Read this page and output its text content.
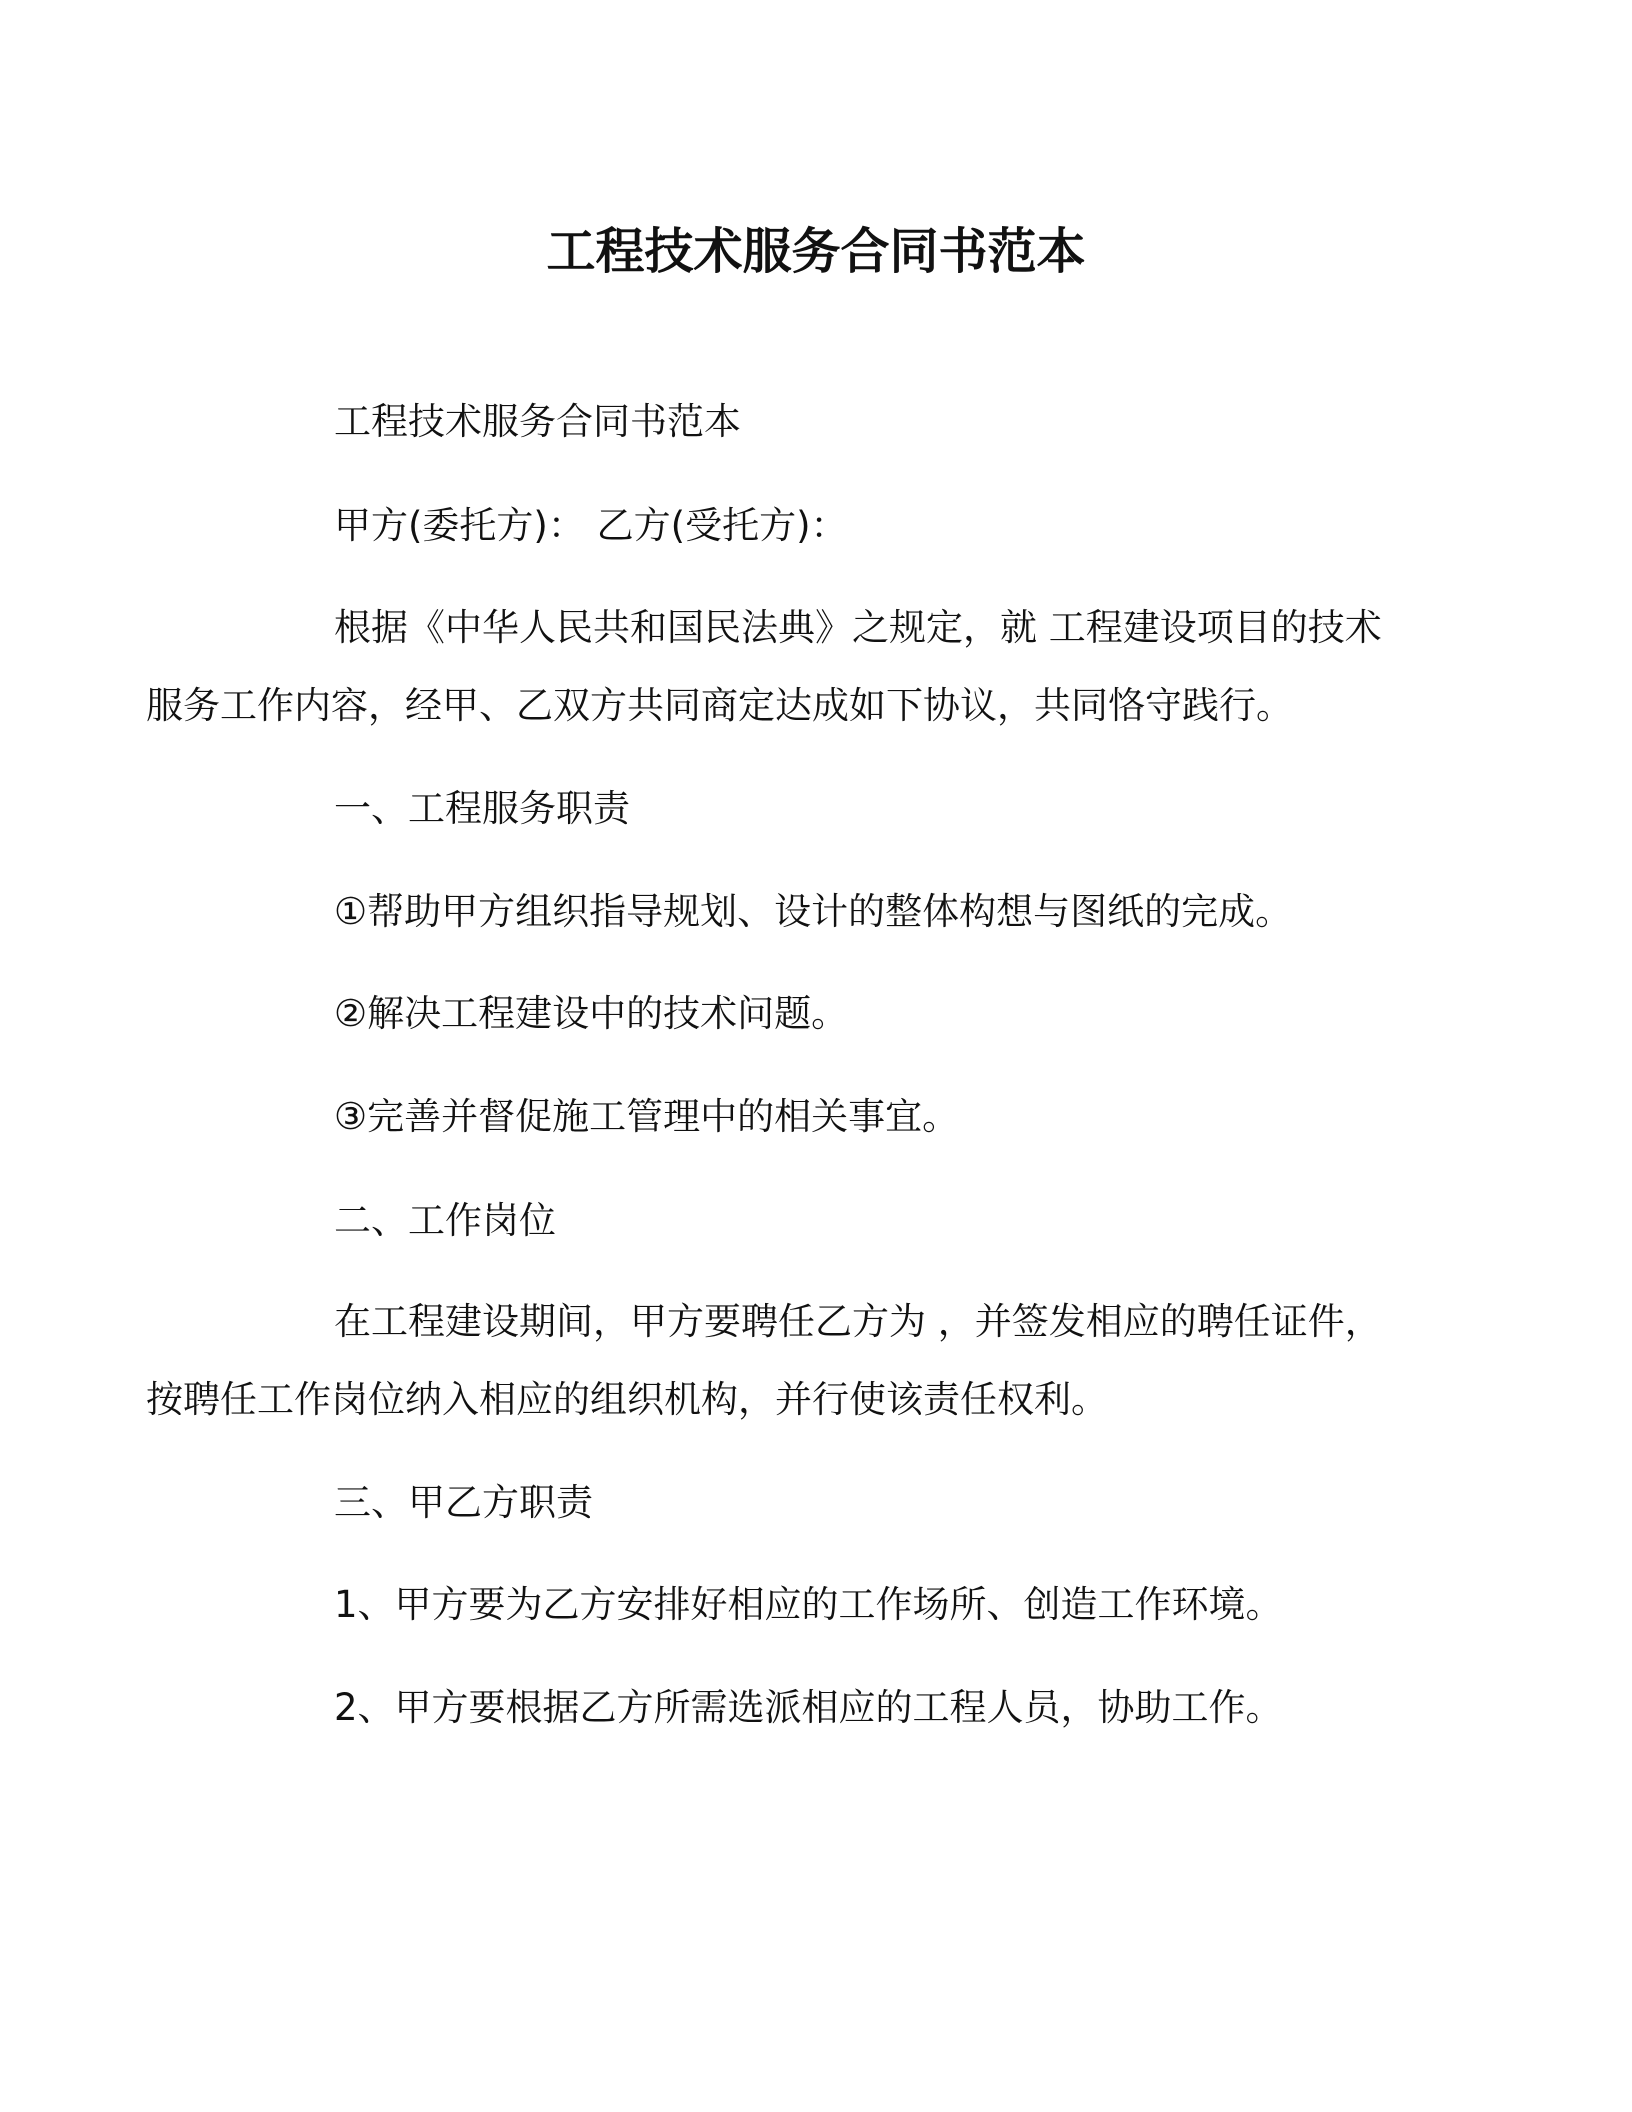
工程技术服务合同书范本
工程技术服务合同书范本
甲方(委托方)： 乙方(受托方)：
根据《中华人民共和国民法典》之规定，就 工程建设项目的技术
服务工作内容，经甲、乙双方共同商定达成如下协议，共同恪守践行。
一、工程服务职责
①帮助甲方组织指导规划、设计的整体构想与图纸的完成。
②解决工程建设中的技术问题。
③完善并督促施工管理中的相关事宜。
二、工作岗位
在工程建设期间，甲方要聘任乙方为 ，并签发相应的聘任证件，
按聘任工作岗位纳入相应的组织机构，并行使该责任权利。
三、甲乙方职责
1、甲方要为乙方安排好相应的工作场所、创造工作环境。
2、甲方要根据乙方所需选派相应的工程人员，协助工作。
